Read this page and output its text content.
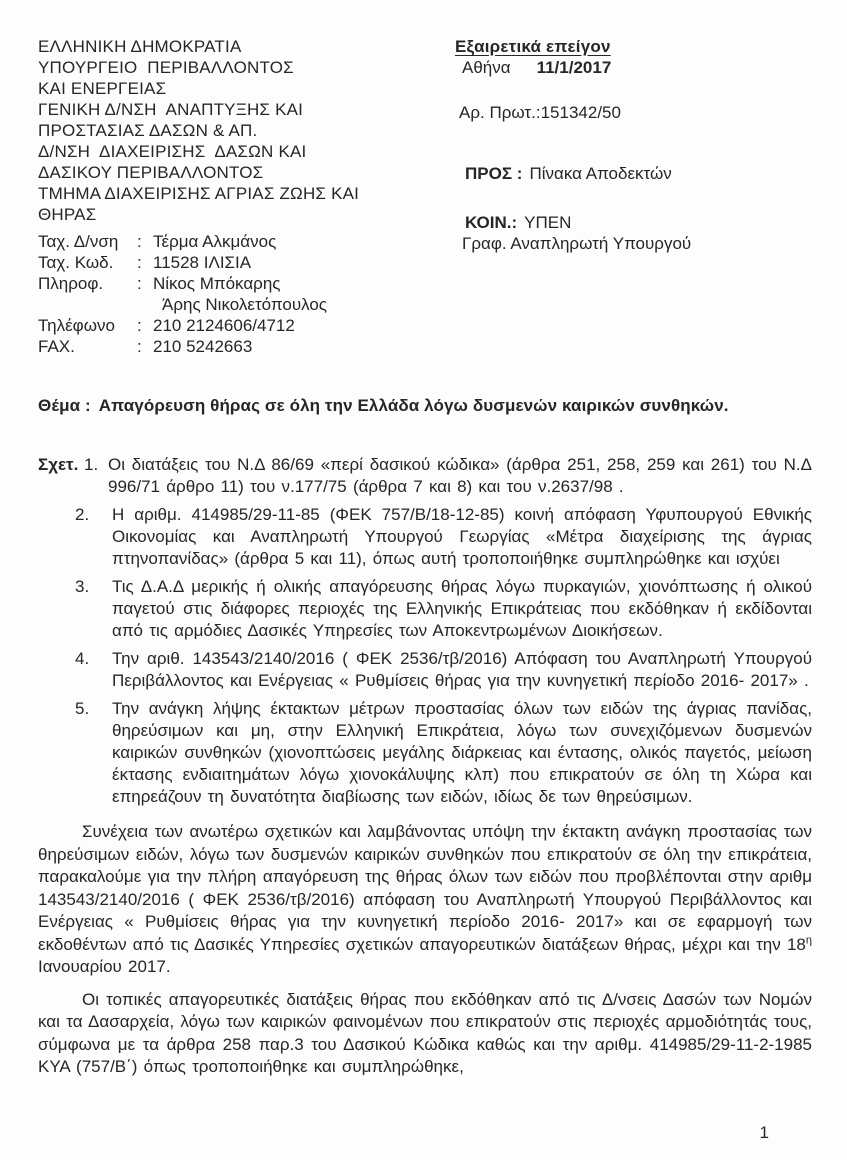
ΕΛΛΗΝΙΚΗ ΔΗΜΟΚΡΑΤΙΑ
ΥΠΟΥΡΓΕΙΟ  ΠΕΡΙΒΑΛΛΟΝΤΟΣ
ΚΑΙ ΕΝΕΡΓΕΙΑΣ
ΓΕΝΙΚΗ Δ/ΝΣΗ  ΑΝΑΠΤΥΞΗΣ ΚΑΙ
ΠΡΟΣΤΑΣΙΑΣ ΔΑΣΩΝ & ΑΠ.
Δ/ΝΣΗ  ΔΙΑΧΕΙΡΙΣΗΣ  ΔΑΣΩΝ ΚΑΙ
ΔΑΣΙΚΟΥ ΠΕΡΙΒΑΛΛΟΝΤΟΣ
ΤΜΗΜΑ ΔΙΑΧΕΙΡΙΣΗΣ ΑΓΡΙΑΣ ΖΩΗΣ ΚΑΙ
ΘΗΡΑΣ
Ταχ. Δ/νση	: Τέρμα Αλκμάνος
Ταχ. Κωδ.	: 11528 ΙΛΙΣΙΑ
Πληροφ.	: Νίκος Μπόκαρης
Άρης Νικολετόπουλος
Τηλέφωνο	: 210 2124606/4712
FAX.	: 210 5242663
Εξαιρετικά επείγον
Αθήνα 11/1/2017
Αρ. Πρωτ.:151342/50
ΠΡΟΣ : Πίνακα Αποδεκτών
ΚΟΙΝ.: ΥΠΕΝ
Γραφ. Αναπληρωτή Υπουργού
Θέμα : Απαγόρευση θήρας σε όλη την Ελλάδα λόγω δυσμενών καιρικών συνθηκών.
Σχετ. 1. Οι διατάξεις του Ν.Δ 86/69 «περί δασικού κώδικα» (άρθρα 251, 258, 259 και 261) του Ν.Δ 996/71 άρθρο 11) του ν.177/75 (άρθρα 7 και 8) και του ν.2637/98 .
2.	Η αριθμ. 414985/29-11-85 (ΦΕΚ 757/Β/18-12-85) κοινή απόφαση Υφυπουργού Εθνικής Οικονομίας και Αναπληρωτή Υπουργού Γεωργίας «Μέτρα διαχείρισης της άγριας πτηνοπανίδας» (άρθρα 5 και 11), όπως αυτή τροποποιήθηκε συμπληρώθηκε και ισχύει
3.	Τις Δ.Α.Δ μερικής ή ολικής απαγόρευσης θήρας λόγω πυρκαγιών, χιονόπτωσης ή ολικού παγετού στις διάφορες περιοχές της Ελληνικής Επικράτειας που εκδόθηκαν ή εκδίδονται από τις αρμόδιες Δασικές Υπηρεσίες των Αποκεντρωμένων Διοικήσεων.
4.	Την αριθ. 143543/2140/2016 ( ΦΕΚ 2536/τβ/2016) Απόφαση του Αναπληρωτή Υπουργού Περιβάλλοντος και Ενέργειας « Ρυθμίσεις θήρας για την κυνηγετική περίοδο 2016- 2017» .
5.	Την ανάγκη λήψης έκτακτων μέτρων προστασίας όλων των ειδών της άγριας πανίδας, θηρεύσιμων και μη, στην Ελληνική Επικράτεια, λόγω των συνεχιζόμενων δυσμενών καιρικών συνθηκών (χιονοπτώσεις μεγάλης διάρκειας και έντασης, ολικός παγετός, μείωση έκτασης ενδιαιτημάτων λόγω χιονοκάλυψης κλπ) που επικρατούν σε όλη τη Χώρα και επηρεάζουν τη δυνατότητα διαβίωσης των ειδών, ιδίως δε των θηρεύσιμων.

Συνέχεια των ανωτέρω σχετικών και λαμβάνοντας υπόψη την έκτακτη ανάγκη προστασίας των θηρεύσιμων ειδών, λόγω των δυσμενών καιρικών συνθηκών που επικρατούν σε όλη την επικράτεια, παρακαλούμε για την πλήρη απαγόρευση της θήρας όλων των ειδών που προβλέπονται στην αριθμ 143543/2140/2016 ( ΦΕΚ 2536/τβ/2016) απόφαση του Αναπληρωτή Υπουργού Περιβάλλοντος και Ενέργειας « Ρυθμίσεις θήρας για την κυνηγετική περίοδο 2016- 2017» και σε εφαρμογή των εκδοθέντων από τις Δασικές Υπηρεσίες σχετικών απαγορευτικών διατάξεων θήρας, μέχρι και την $18^\eta$ Ιανουαρίου 2017.

Οι τοπικές απαγορευτικές διατάξεις θήρας που εκδόθηκαν από τις Δ/νσεις Δασών των Νομών και τα Δασαρχεία, λόγω των καιρικών φαινομένων που επικρατούν στις περιοχές αρμοδιότητάς τους, σύμφωνα με τα άρθρα 258 παρ.3 του Δασικού Κώδικα καθώς και την αριθμ. 414985/29-11-2-1985 ΚΥΑ (757/Β΄) όπως τροποποιήθηκε και συμπληρώθηκε,

1
